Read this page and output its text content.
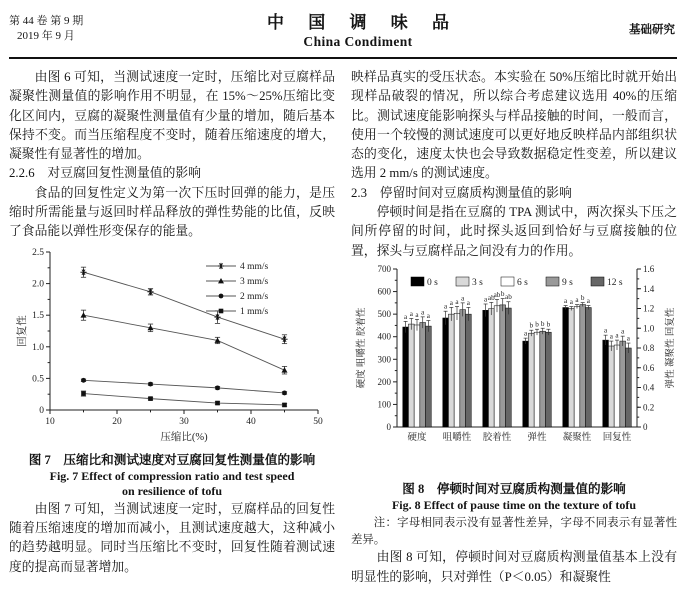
第 44 卷 第 9 期
2019 年 9 月
中 国 调 味 品
China Condiment
基础研究

由图 6 可知，当测试速度一定时，压缩比对豆腐样品凝聚性测量值的影响作用不明显，在 15%～25%压缩比变化区间内，豆腐的凝聚性测量值有少量的增加，随后基本保持不变。而当压缩程度不变时，随着压缩速度的增大，凝聚性有显著性的增加。

2.2.6　对豆腐回复性测量值的影响

食品的回复性定义为第一次下压时回弹的能力，是压缩时所需能量与返回时样品释放的弹性势能的比值，反映了食品能以弹性形变保存的能量。

10	20	30	40	50
0
0.5
1.0
1.5
2.0
2.5
压缩比(%)
回复性
4 mm/s
3 mm/s
2 mm/s
1 mm/s
图 7　压缩比和测试速度对豆腐回复性测量值的影响
Fig. 7 Effect of compression ratio and test speed
on resilience of tofu

由图 7 可知，当测试速度一定时，豆腐样品的回复性随着压缩速度的增加而减小，且测试速度越大，这种减小的趋势越明显。同时当压缩比不变时，回复性随着测试速度的提高而显著增加。

映样品真实的受压状态。本实验在 50%压缩比时就开始出现样品破裂的情况，所以综合考虑建议选用 40%的压缩比。测试速度能影响探头与样品接触的时间，一般而言，使用一个较慢的测试速度可以更好地反映样品内部组织状态的变化，速度太快也会导致数据稳定性变差，所以建议选用 2 mm/s 的测试速度。

2.3　停留时间对豆腐质构测量值的影响

停顿时间是指在豆腐的 TPA 测试中，两次探头下压之间所停留的时间，此时探头返回到恰好与豆腐接触的位置，探头与豆腐样品之间没有力的作用。

0
100
200
300
400
500
600
700
0
0.2
0.4
0.6
0.8
1.0
1.2
1.4
1.6
硬度 咀嚼性 胶着性	弹性 凝聚性 回复性
a a a a a
硬度
a a a a
a
咀嚼性
a ab
ab b ab
胶着性
a
b b b b
弹性
a a a b a
凝聚性
a
a a a
a
回复性
0 s	3 s	6 s	9 s	12 s
图 8　停顿时间对豆腐质构测量值的影响
Fig. 8 Effect of pause time on the texture of tofu

注：字母相同表示没有显著性差异，字母不同表示有显著性差异。

由图 8 可知，停顿时间对豆腐质构测量值基本上没有明显性的影响，只对弹性（P＜0.05）和凝聚性
